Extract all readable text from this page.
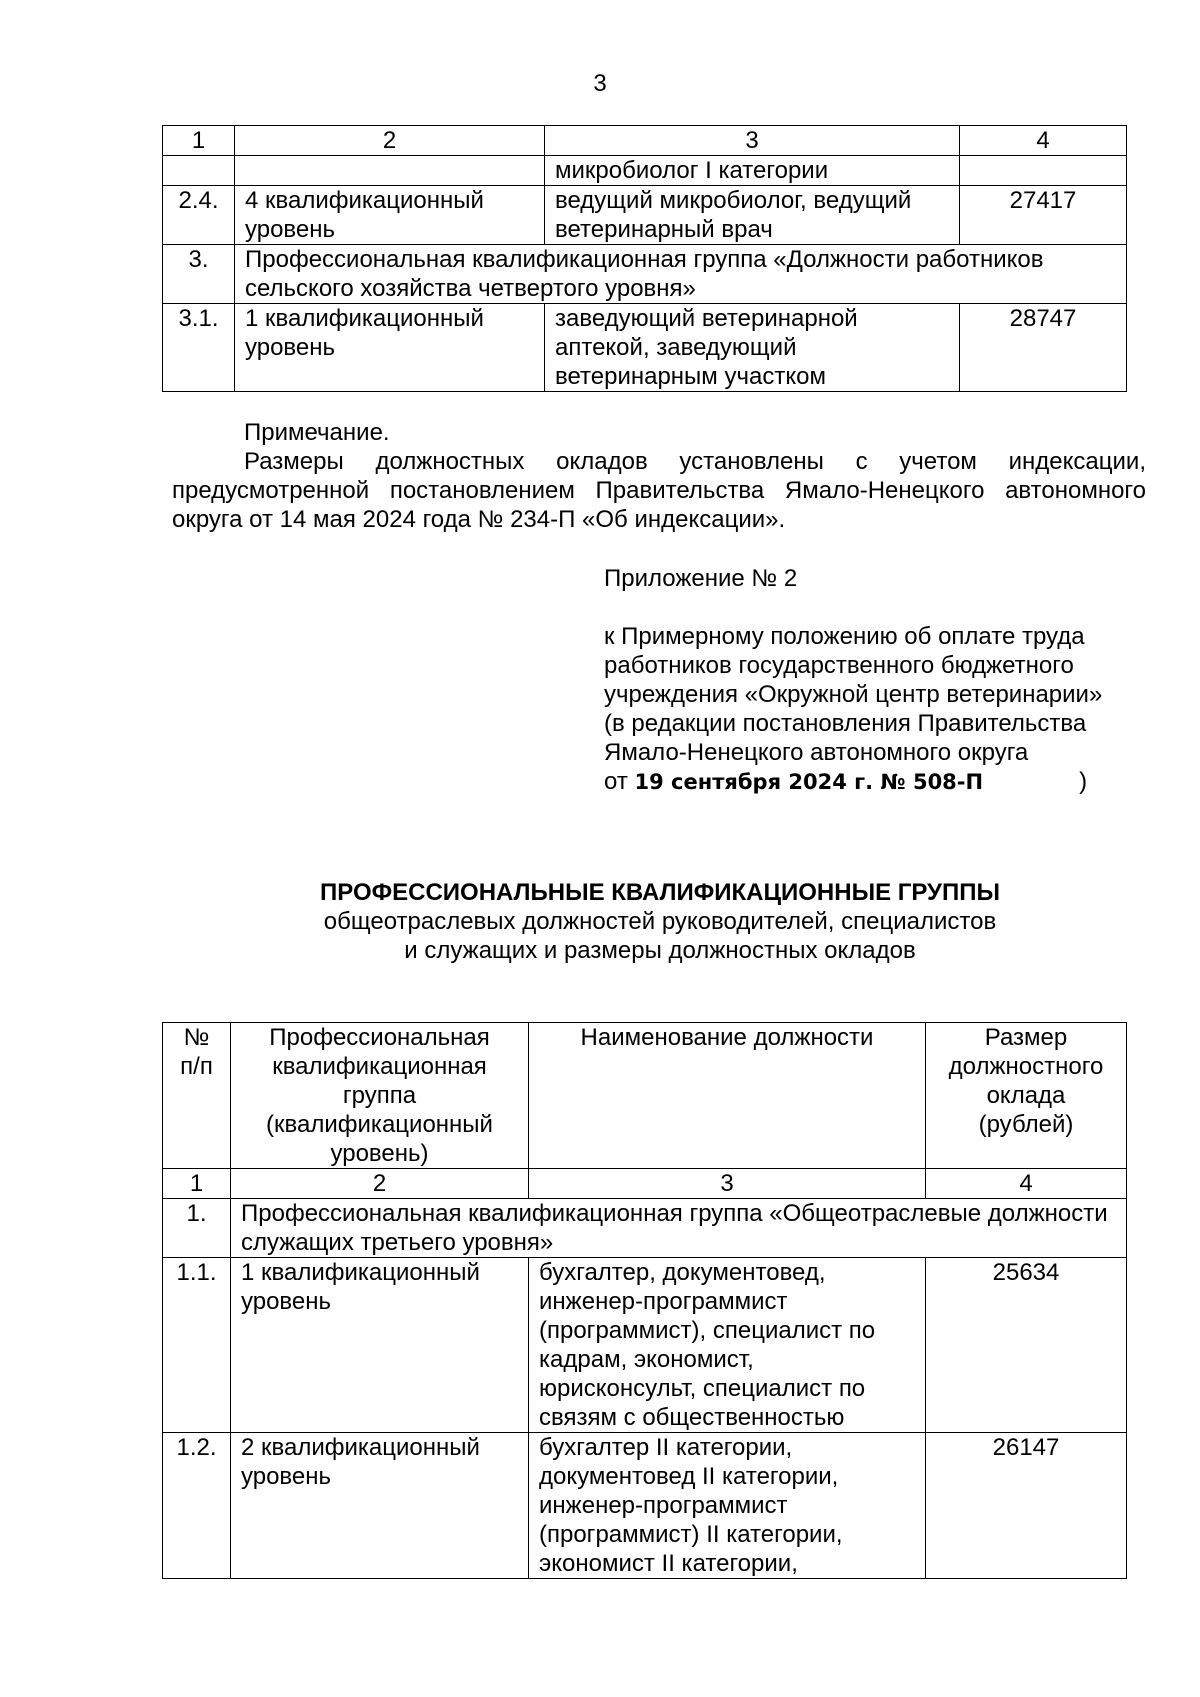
3
1	2	3	4
		микробиолог I категории	
2.4.	4 квалификационный уровень	ведущий микробиолог, ведущий ветеринарный врач	27417
3.	Профессиональная квалификационная группа «Должности работников сельского хозяйства четвертого уровня»		
3.1.	1 квалификационный уровень	заведующий ветеринарной аптекой, заведующий ветеринарным участком	28747
Примечание.
Размеры должностных окладов установлены с учетом индексации, предусмотренной постановлением Правительства Ямало-Ненецкого автономного округа от 14 мая 2024 года № 234-П «Об индексации».
Приложение № 2
к Примерному положению об оплате труда работников государственного бюджетного учреждения «Окружной центр ветеринарии»
(в редакции постановления Правительства Ямало-Ненецкого автономного округа
от 19 сентября 2024 г. № 508-П	)
ПРОФЕССИОНАЛЬНЫЕ КВАЛИФИКАЦИОННЫЕ ГРУППЫ
общеотраслевых должностей руководителей, специалистов
и служащих и размеры должностных окладов
№ п/п	Профессиональная квалификационная группа (квалификационный уровень)	Наименование должности	Размер должностного оклада (рублей)
1	2	3	4
1.	Профессиональная квалификационная группа «Общеотраслевые должности служащих третьего уровня»		
1.1.	1 квалификационный уровень	бухгалтер, документовед, инженер-программист (программист), специалист по кадрам, экономист, юрисконсульт, специалист по связям с общественностью	25634
1.2.	2 квалификационный уровень	бухгалтер II категории, документовед II категории, инженер-программист (программист) II категории, экономист II категории,	26147
